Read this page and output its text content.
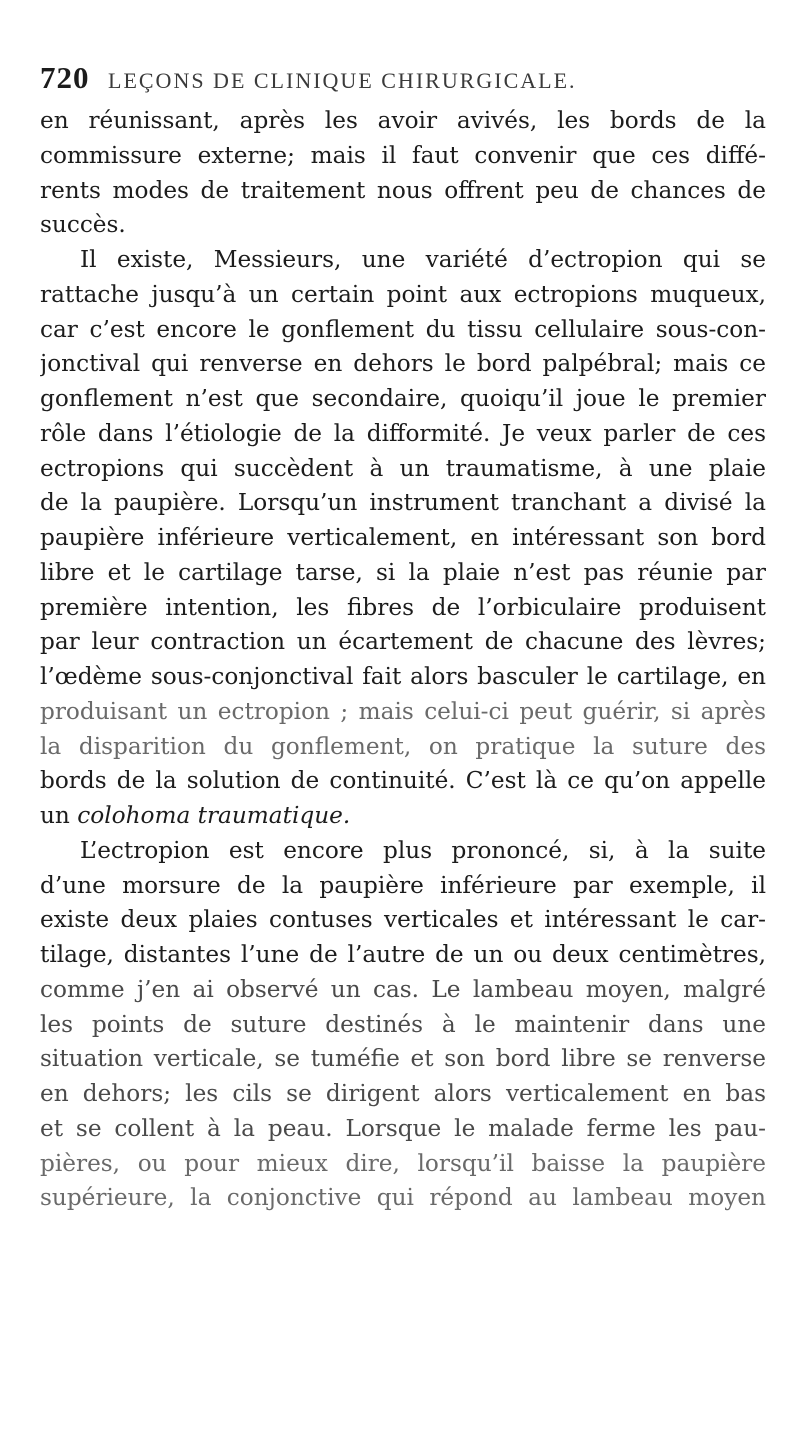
720 LEÇONS DE CLINIQUE CHIRURGICALE.
en réunissant, après les avoir avivés, les bords de la
commissure externe; mais il faut convenir que ces diffé-
rents modes de traitement nous offrent peu de chances de
succès.
Il existe, Messieurs, une variété d’ectropion qui se
rattache jusqu’à un certain point aux ectropions muqueux,
car c’est encore le gonflement du tissu cellulaire sous-con-
jonctival qui renverse en dehors le bord palpébral; mais ce
gonflement n’est que secondaire, quoiqu’il joue le premier
rôle dans l’étiologie de la difformité. Je veux parler de ces
ectropions qui succèdent à un traumatisme, à une plaie
de la paupière. Lorsqu’un instrument tranchant a divisé la
paupière inférieure verticalement, en intéressant son bord
libre et le cartilage tarse, si la plaie n’est pas réunie par
première intention, les fibres de l’orbiculaire produisent
par leur contraction un écartement de chacune des lèvres;
l’œdème sous-conjonctival fait alors basculer le cartilage, en
produisant un ectropion ; mais celui-ci peut guérir, si après
la disparition du gonflement, on pratique la suture des
bords de la solution de continuité. C’est là ce qu’on appelle
un colohoma traumatique.
L’ectropion est encore plus prononcé, si, à la suite
d’une morsure de la paupière inférieure par exemple, il
existe deux plaies contuses verticales et intéressant le car-
tilage, distantes l’une de l’autre de un ou deux centimètres,
comme j’en ai observé un cas. Le lambeau moyen, malgré
les points de suture destinés à le maintenir dans une
situation verticale, se tuméfie et son bord libre se renverse
en dehors; les cils se dirigent alors verticalement en bas
et se collent à la peau. Lorsque le malade ferme les pau-
pières, ou pour mieux dire, lorsqu’il baisse la paupière
supérieure, la conjonctive qui répond au lambeau moyen
